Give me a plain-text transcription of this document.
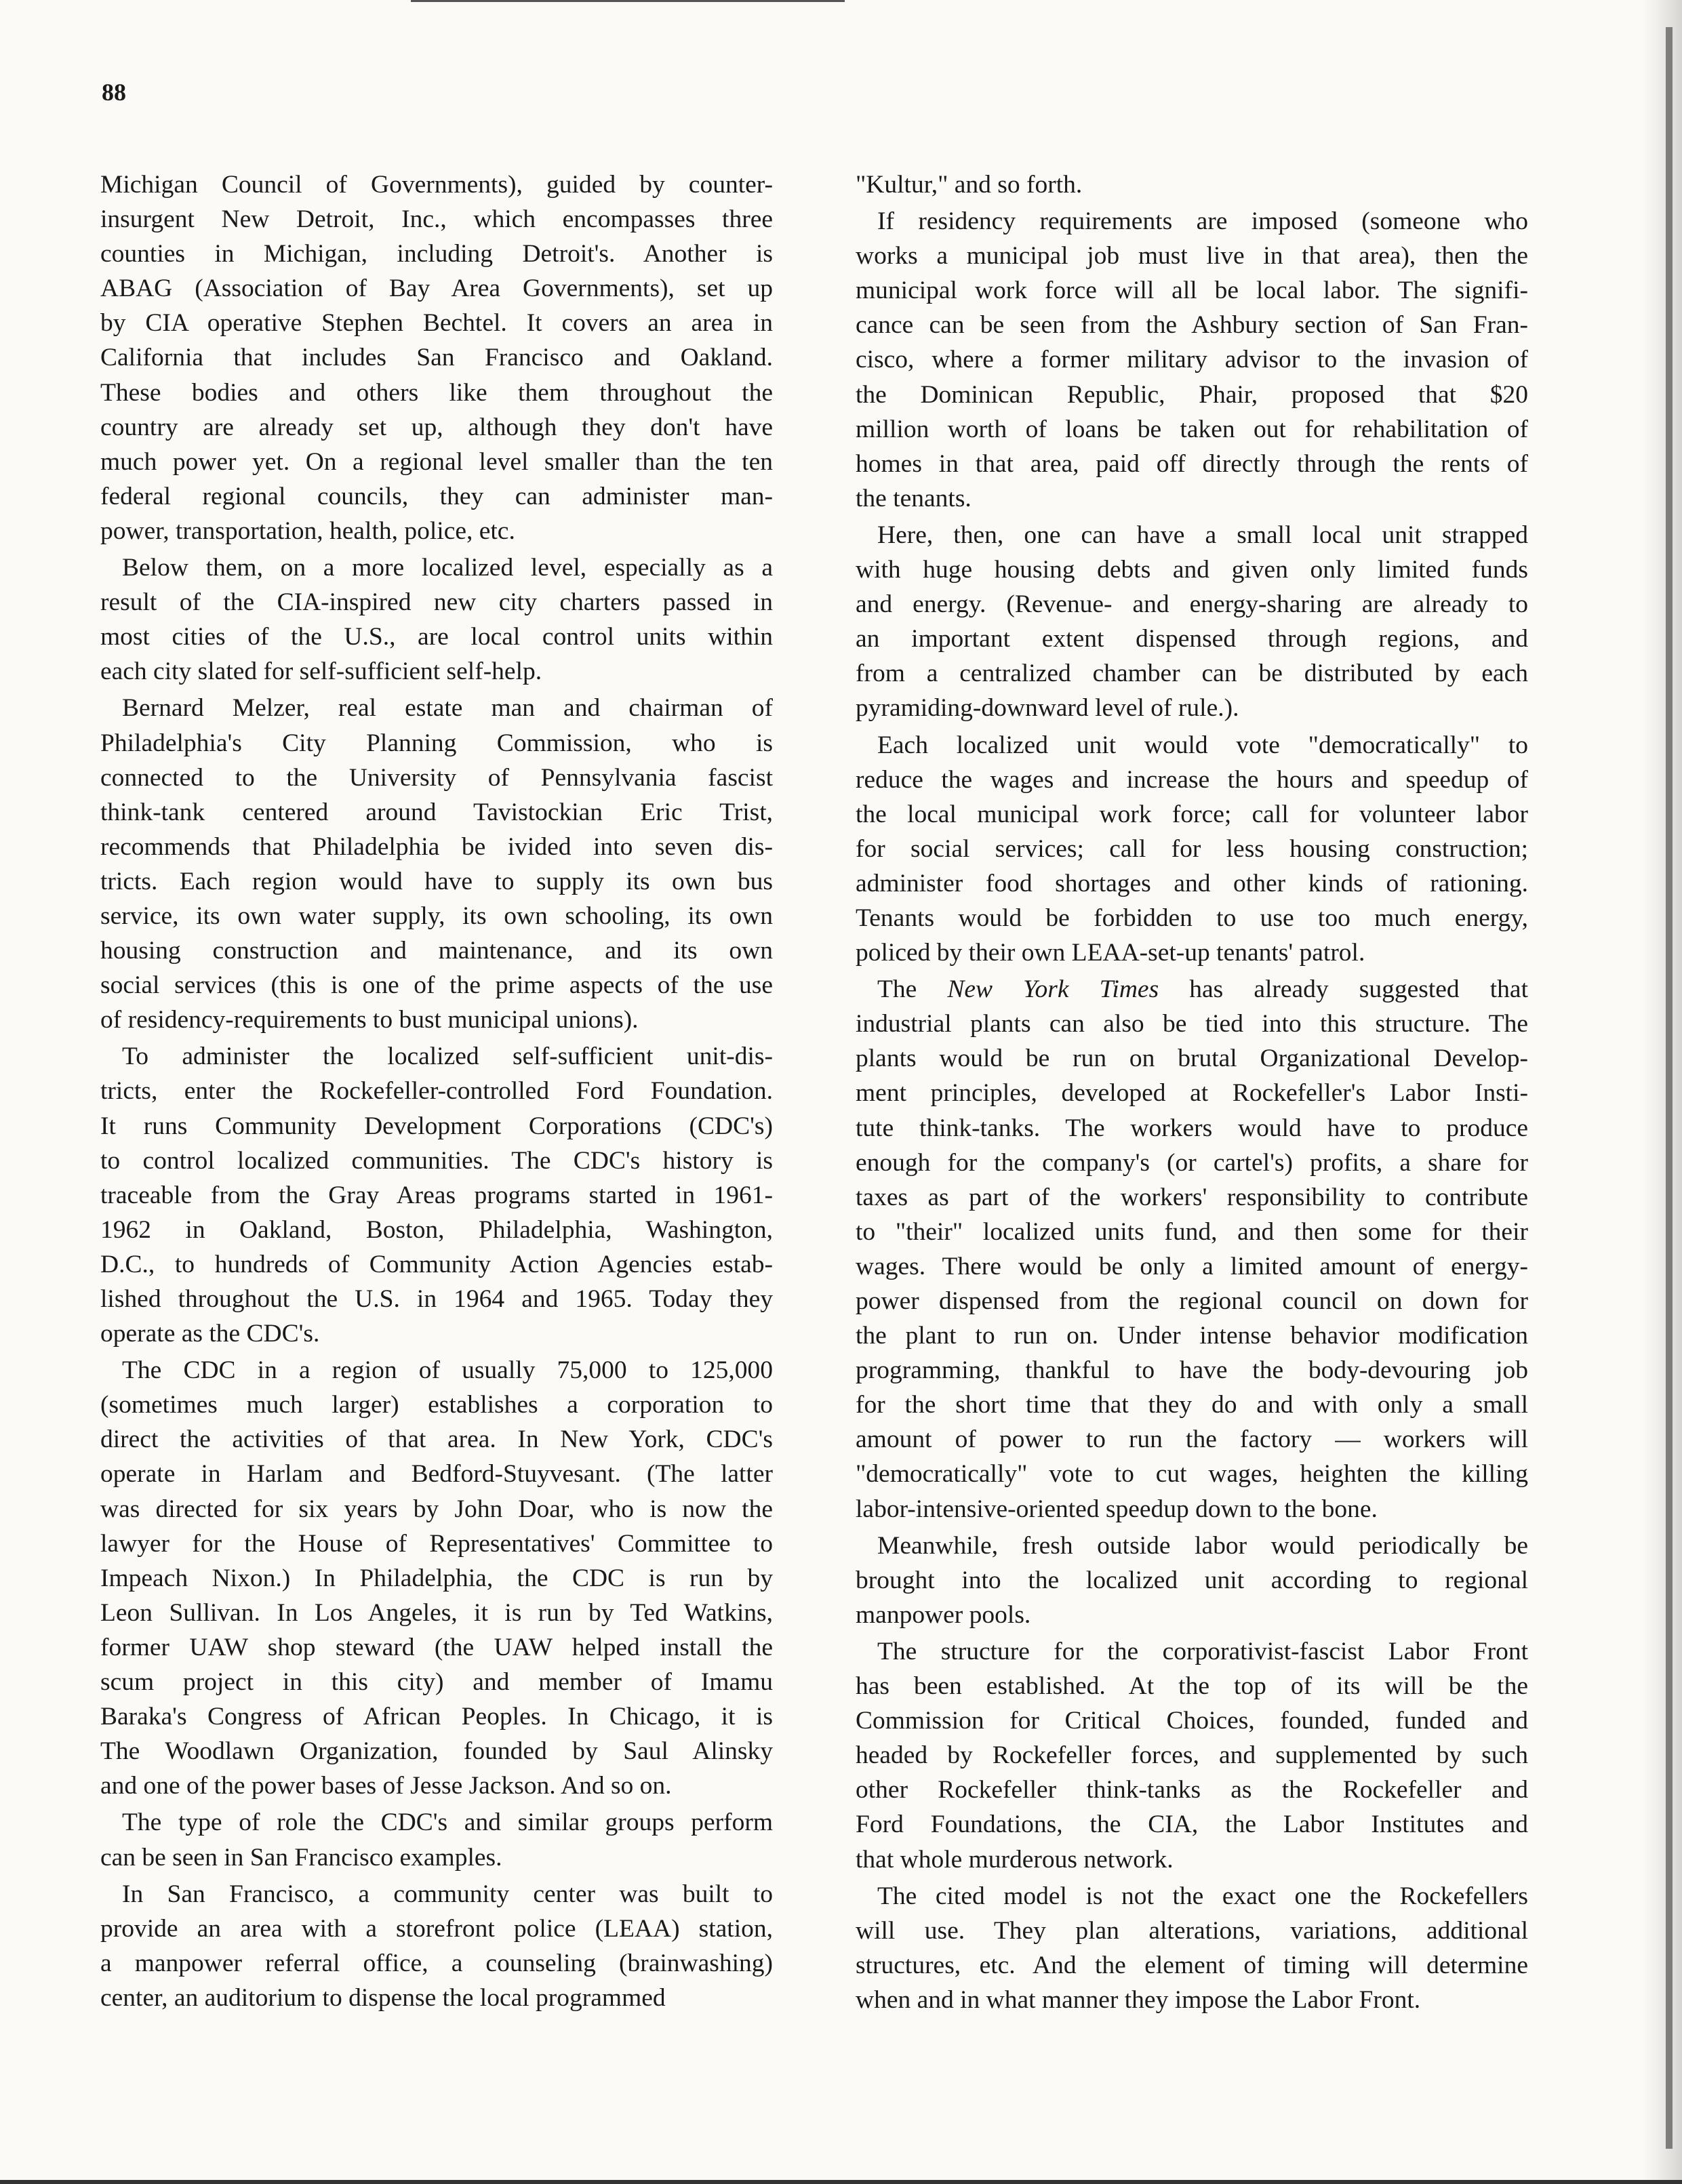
88
Michigan Council of Governments), guided by counter-
insurgent New Detroit, Inc., which encompasses three
counties in Michigan, including Detroit's. Another is
ABAG (Association of Bay Area Governments), set up
by CIA operative Stephen Bechtel. It covers an area in
California that includes San Francisco and Oakland.
These bodies and others like them throughout the
country are already set up, although they don't have
much power yet. On a regional level smaller than the ten
federal regional councils, they can administer man-
power, transportation, health, police, etc.
Below them, on a more localized level, especially as a
result of the CIA-inspired new city charters passed in
most cities of the U.S., are local control units within
each city slated for self-sufficient self-help.
Bernard Melzer, real estate man and chairman of
Philadelphia's City Planning Commission, who is
connected to the University of Pennsylvania fascist
think-tank centered around Tavistockian Eric Trist,
recommends that Philadelphia be ivided into seven dis-
tricts. Each region would have to supply its own bus
service, its own water supply, its own schooling, its own
housing construction and maintenance, and its own
social services (this is one of the prime aspects of the use
of residency-requirements to bust municipal unions).
To administer the localized self-sufficient unit-dis-
tricts, enter the Rockefeller-controlled Ford Foundation.
It runs Community Development Corporations (CDC's)
to control localized communities. The CDC's history is
traceable from the Gray Areas programs started in 1961-
1962 in Oakland, Boston, Philadelphia, Washington,
D.C., to hundreds of Community Action Agencies estab-
lished throughout the U.S. in 1964 and 1965. Today they
operate as the CDC's.
The CDC in a region of usually 75,000 to 125,000
(sometimes much larger) establishes a corporation to
direct the activities of that area. In New York, CDC's
operate in Harlam and Bedford-Stuyvesant. (The latter
was directed for six years by John Doar, who is now the
lawyer for the House of Representatives' Committee to
Impeach Nixon.) In Philadelphia, the CDC is run by
Leon Sullivan. In Los Angeles, it is run by Ted Watkins,
former UAW shop steward (the UAW helped install the
scum project in this city) and member of Imamu
Baraka's Congress of African Peoples. In Chicago, it is
The Woodlawn Organization, founded by Saul Alinsky
and one of the power bases of Jesse Jackson. And so on.
The type of role the CDC's and similar groups perform
can be seen in San Francisco examples.
In San Francisco, a community center was built to
provide an area with a storefront police (LEAA) station,
a manpower referral office, a counseling (brainwashing)
center, an auditorium to dispense the local programmed
"Kultur," and so forth.
If residency requirements are imposed (someone who
works a municipal job must live in that area), then the
municipal work force will all be local labor. The signifi-
cance can be seen from the Ashbury section of San Fran-
cisco, where a former military advisor to the invasion of
the Dominican Republic, Phair, proposed that $20
million worth of loans be taken out for rehabilitation of
homes in that area, paid off directly through the rents of
the tenants.
Here, then, one can have a small local unit strapped
with huge housing debts and given only limited funds
and energy. (Revenue- and energy-sharing are already to
an important extent dispensed through regions, and
from a centralized chamber can be distributed by each
pyramiding-downward level of rule.).
Each localized unit would vote "democratically" to
reduce the wages and increase the hours and speedup of
the local municipal work force; call for volunteer labor
for social services; call for less housing construction;
administer food shortages and other kinds of rationing.
Tenants would be forbidden to use too much energy,
policed by their own LEAA-set-up tenants' patrol.
The New York Times has already suggested that
industrial plants can also be tied into this structure. The
plants would be run on brutal Organizational Develop-
ment principles, developed at Rockefeller's Labor Insti-
tute think-tanks. The workers would have to produce
enough for the company's (or cartel's) profits, a share for
taxes as part of the workers' responsibility to contribute
to "their" localized units fund, and then some for their
wages. There would be only a limited amount of energy-
power dispensed from the regional council on down for
the plant to run on. Under intense behavior modification
programming, thankful to have the body-devouring job
for the short time that they do and with only a small
amount of power to run the factory — workers will
"democratically" vote to cut wages, heighten the killing
labor-intensive-oriented speedup down to the bone.
Meanwhile, fresh outside labor would periodically be
brought into the localized unit according to regional
manpower pools.
The structure for the corporativist-fascist Labor Front
has been established. At the top of its will be the
Commission for Critical Choices, founded, funded and
headed by Rockefeller forces, and supplemented by such
other Rockefeller think-tanks as the Rockefeller and
Ford Foundations, the CIA, the Labor Institutes and
that whole murderous network.
The cited model is not the exact one the Rockefellers
will use. They plan alterations, variations, additional
structures, etc. And the element of timing will determine
when and in what manner they impose the Labor Front.
